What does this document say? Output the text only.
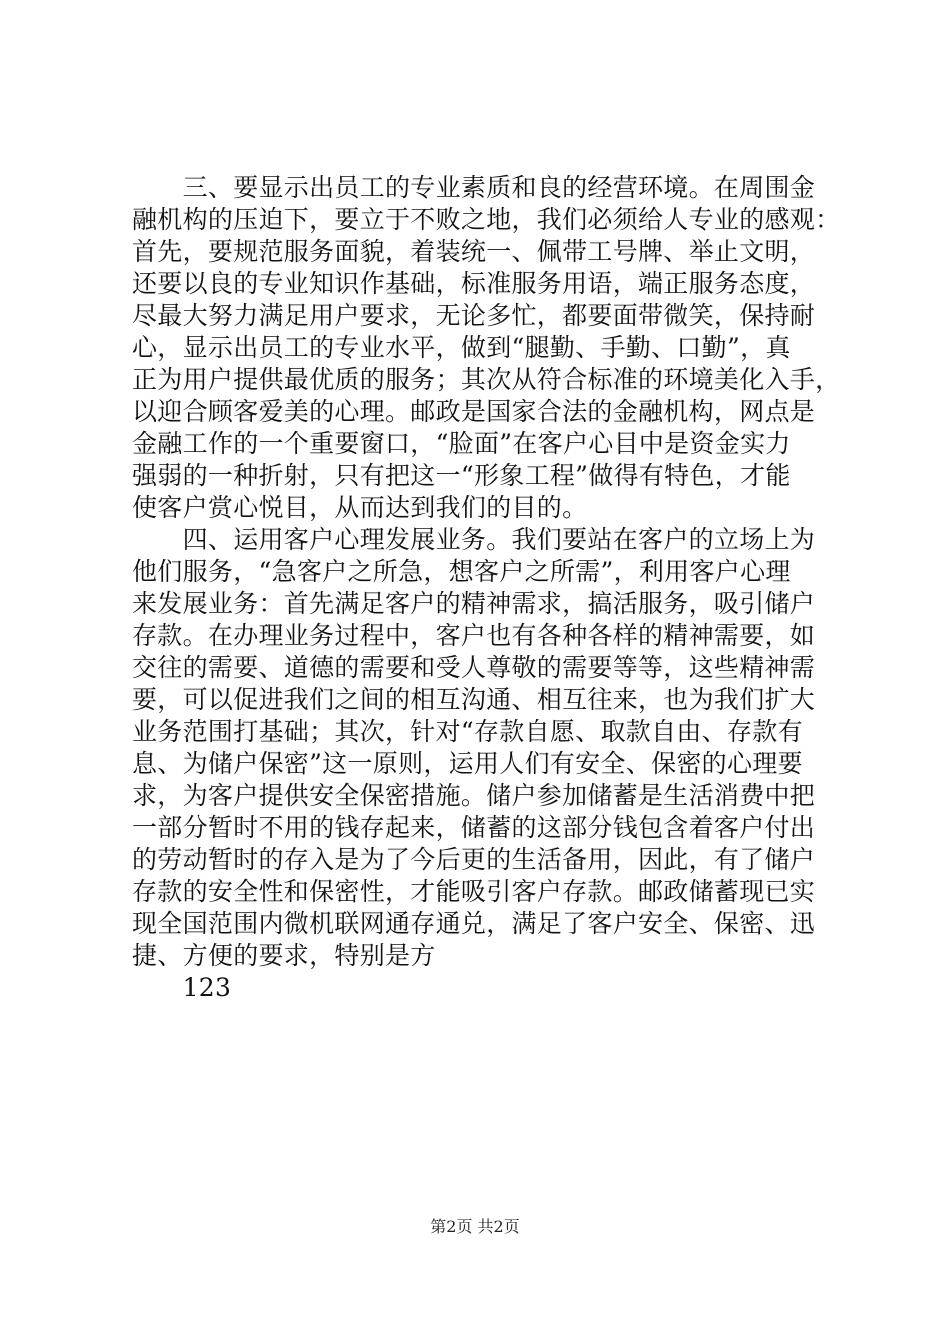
　　三、要显示出员工的专业素质和良的经营环境。在周围金
融机构的压迫下，要立于不败之地，我们必须给人专业的感观：
首先，要规范服务面貌，着装统一、佩带工号牌、举止文明，
还要以良的专业知识作基础，标准服务用语，端正服务态度，
尽最大努力满足用户要求，无论多忙，都要面带微笑，保持耐
心，显示出员工的专业水平，做到“腿勤、手勤、口勤”，真
正为用户提供最优质的服务；其次从符合标准的环境美化入手，
以迎合顾客爱美的心理。邮政是国家合法的金融机构，网点是
金融工作的一个重要窗口，“脸面”在客户心目中是资金实力
强弱的一种折射，只有把这一“形象工程”做得有特色，才能
使客户赏心悦目，从而达到我们的目的。
　　四、运用客户心理发展业务。我们要站在客户的立场上为
他们服务，“急客户之所急，想客户之所需”，利用客户心理
来发展业务：首先满足客户的精神需求，搞活服务，吸引储户
存款。在办理业务过程中，客户也有各种各样的精神需要，如
交往的需要、道德的需要和受人尊敬的需要等等，这些精神需
要，可以促进我们之间的相互沟通、相互往来，也为我们扩大
业务范围打基础；其次，针对“存款自愿、取款自由、存款有
息、为储户保密”这一原则，运用人们有安全、保密的心理要
求，为客户提供安全保密措施。储户参加储蓄是生活消费中把
一部分暂时不用的钱存起来，储蓄的这部分钱包含着客户付出
的劳动暂时的存入是为了今后更的生活备用，因此，有了储户
存款的安全性和保密性，才能吸引客户存款。邮政储蓄现已实
现全国范围内微机联网通存通兑，满足了客户安全、保密、迅
捷、方便的要求，特别是方
　　123
第2页 共2页
